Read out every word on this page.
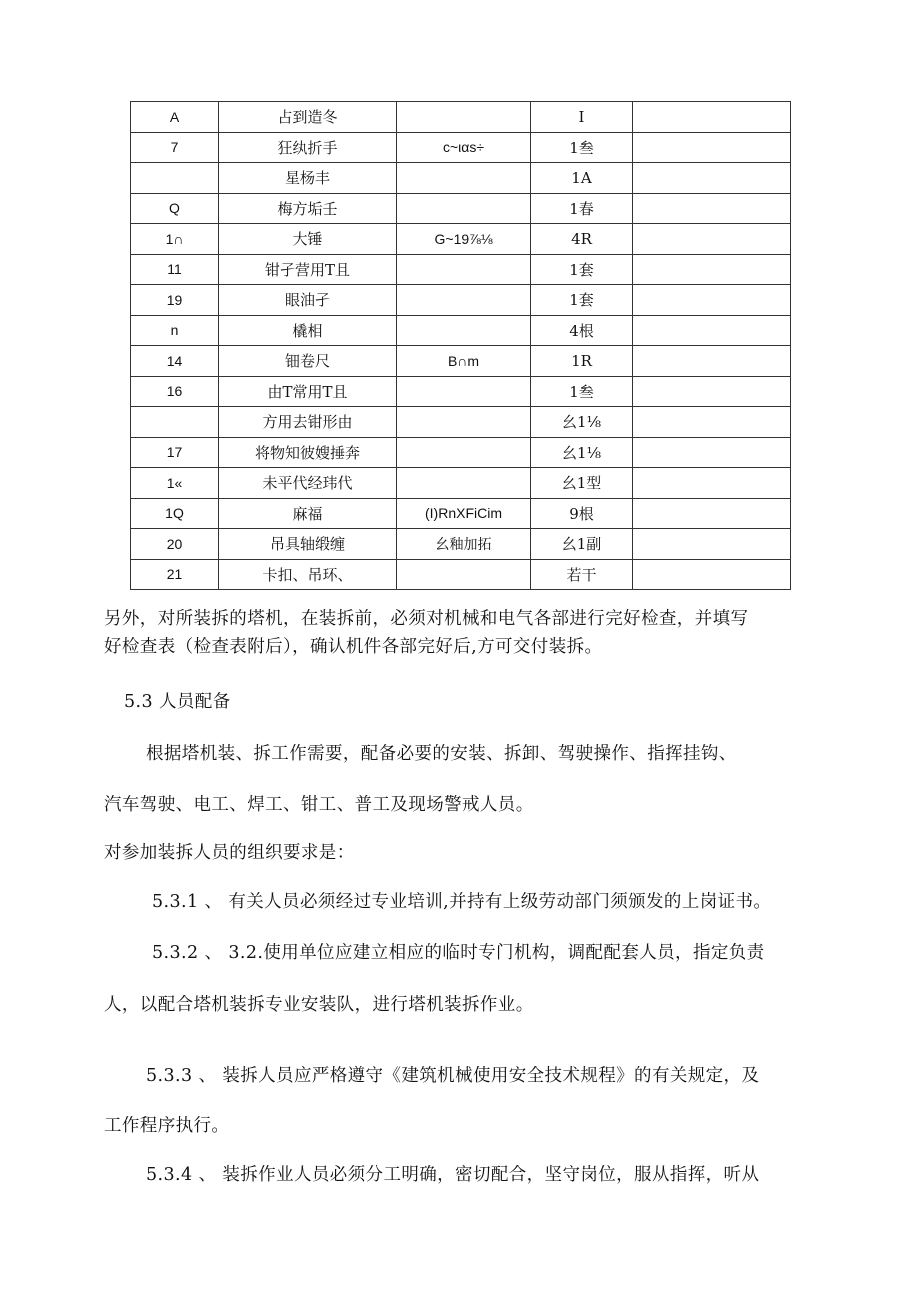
A	占到造冬		I	
7	狂纨折手	c~ιαs÷	1叁	
	星杨丰		1A	
Q	梅方垢壬		1春	
1∩	大锤	G~19⅞⅛	4R	
11	钳孑营用T且		1套	
19	眼油孑		1套	
n	橇相		4根	
14	钿卷尺	B∩m	1R	
16	由T常用T且		1叁	
	方用去钳形由		幺1⅛	
17	将物知彼嫂捶奔		幺1⅛	
1«	未平代经玮代		幺1型	
1Q	麻福	(I)RnXFiCim	9根	
20	吊具轴缎缠	幺釉加拓	幺1副	
21	卡扣、吊环、		若干	
另外，对所装拆的塔机，在装拆前，必须对机械和电气各部进行完好检查，并填写
好检查表（检查表附后），确认机件各部完好后,方可交付装拆。
5.3 人员配备
根据塔机装、拆工作需要，配备必要的安装、拆卸、驾驶操作、指挥挂钩、
汽车驾驶、电工、焊工、钳工、普工及现场警戒人员。
对参加装拆人员的组织要求是：
5.3.1 、 有关人员必须经过专业培训,并持有上级劳动部门须颁发的上岗证书。
5.3.2 、 3.2.使用单位应建立相应的临时专门机构，调配配套人员，指定负责
人，以配合塔机装拆专业安装队，进行塔机装拆作业。
5.3.3 、 装拆人员应严格遵守《建筑机械使用安全技术规程》的有关规定，及
工作程序执行。
5.3.4 、 装拆作业人员必须分工明确，密切配合，坚守岗位，服从指挥，听从
